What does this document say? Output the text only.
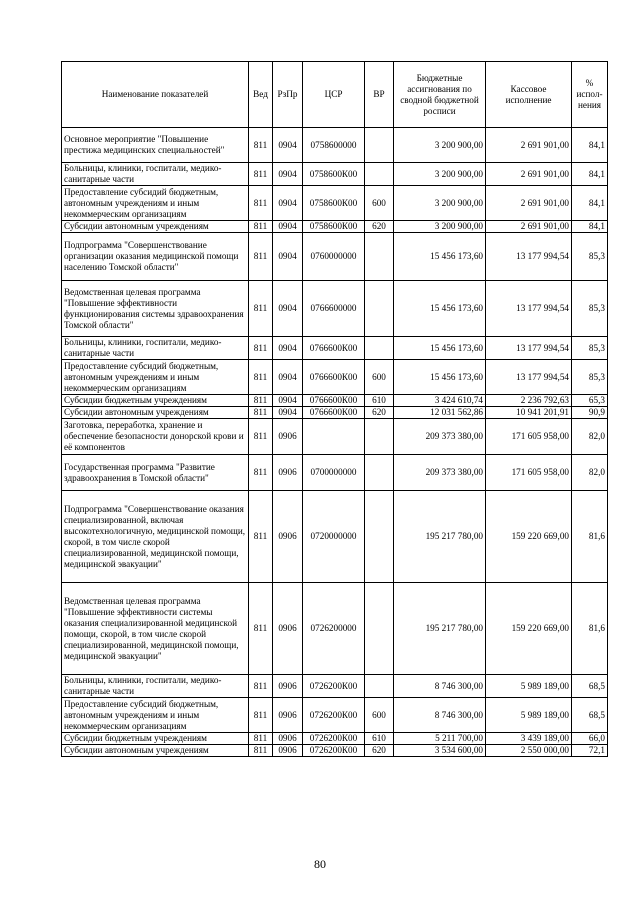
Наименование показателей	Вед	РзПр	ЦСР	ВР	Бюджетные ассигнования по сводной бюджетной росписи	Кассовое исполнение	% испол-нения
Основное мероприятие "Повышение престижа медицинских специальностей"	811	0904	0758600000		3 200 900,00	2 691 901,00	84,1
Больницы, клиники, госпитали, медико-санитарные части	811	0904	0758600К00		3 200 900,00	2 691 901,00	84,1
Предоставление субсидий бюджетным, автономным учреждениям и иным некоммерческим организациям	811	0904	0758600К00	600	3 200 900,00	2 691 901,00	84,1
Субсидии автономным учреждениям	811	0904	0758600К00	620	3 200 900,00	2 691 901,00	84,1
Подпрограмма "Совершенствование организации оказания медицинской помощи населению Томской области"	811	0904	0760000000		15 456 173,60	13 177 994,54	85,3
Ведомственная целевая программа "Повышение эффективности функционирования системы здравоохранения Томской области"	811	0904	0766600000		15 456 173,60	13 177 994,54	85,3
Больницы, клиники, госпитали, медико-санитарные части	811	0904	0766600К00		15 456 173,60	13 177 994,54	85,3
Предоставление субсидий бюджетным, автономным учреждениям и иным некоммерческим организациям	811	0904	0766600К00	600	15 456 173,60	13 177 994,54	85,3
Субсидии бюджетным учреждениям	811	0904	0766600К00	610	3 424 610,74	2 236 792,63	65,3
Субсидии автономным учреждениям	811	0904	0766600К00	620	12 031 562,86	10 941 201,91	90,9
Заготовка, переработка, хранение и обеспечение безопасности донорской крови и её компонентов	811	0906			209 373 380,00	171 605 958,00	82,0
Государственная программа "Развитие здравоохранения в Томской области"	811	0906	0700000000		209 373 380,00	171 605 958,00	82,0
Подпрограмма "Совершенствование оказания специализированной, включая высокотехнологичную, медицинской помощи, скорой, в том числе скорой специализированной, медицинской помощи, медицинской эвакуации"	811	0906	0720000000		195 217 780,00	159 220 669,00	81,6
Ведомственная целевая программа "Повышение эффективности системы оказания специализированной медицинской помощи, скорой, в том числе скорой специализированной, медицинской помощи, медицинской эвакуации"	811	0906	0726200000		195 217 780,00	159 220 669,00	81,6
Больницы, клиники, госпитали, медико-санитарные части	811	0906	0726200К00		8 746 300,00	5 989 189,00	68,5
Предоставление субсидий бюджетным, автономным учреждениям и иным некоммерческим организациям	811	0906	0726200К00	600	8 746 300,00	5 989 189,00	68,5
Субсидии бюджетным учреждениям	811	0906	0726200К00	610	5 211 700,00	3 439 189,00	66,0
Субсидии автономным учреждениям	811	0906	0726200К00	620	3 534 600,00	2 550 000,00	72,1
80
